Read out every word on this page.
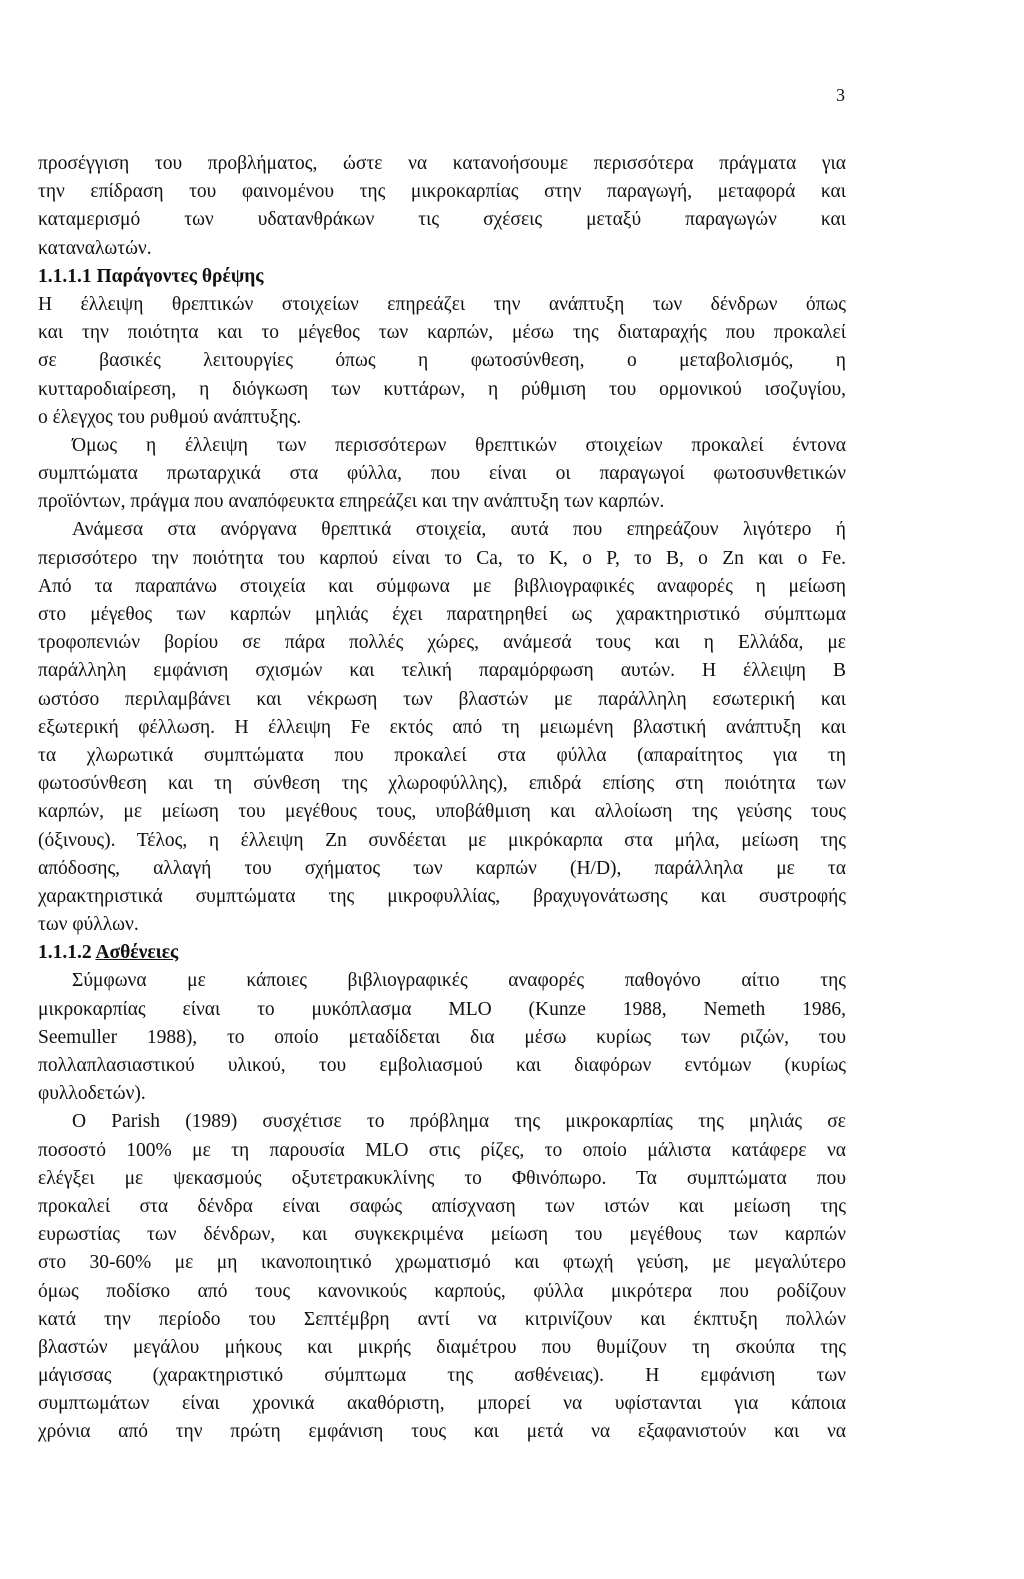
3
προσέγγιση του προβλήματος, ώστε να κατανοήσουμε περισσότερα πράγματα για
την επίδραση του φαινομένου της μικροκαρπίας στην παραγωγή, μεταφορά και
καταμερισμό των υδατανθράκων τις σχέσεις μεταξύ παραγωγών και
καταναλωτών.
1.1.1.1 Παράγοντες θρέψης
Η έλλειψη θρεπτικών στοιχείων επηρεάζει την ανάπτυξη των δένδρων όπως
και την ποιότητα και το μέγεθος των καρπών, μέσω της διαταραχής που προκαλεί
σε βασικές λειτουργίες όπως η φωτοσύνθεση, ο μεταβολισμός, η
κυτταροδιαίρεση, η διόγκωση των κυττάρων, η ρύθμιση του ορμονικού ισοζυγίου,
ο έλεγχος του ρυθμού ανάπτυξης.
Όμως η έλλειψη των περισσότερων θρεπτικών στοιχείων προκαλεί έντονα
συμπτώματα πρωταρχικά στα φύλλα, που είναι οι παραγωγοί φωτοσυνθετικών
προϊόντων, πράγμα που αναπόφευκτα επηρεάζει και την ανάπτυξη των καρπών.
Ανάμεσα στα ανόργανα θρεπτικά στοιχεία, αυτά που επηρεάζουν λιγότερο ή
περισσότερο την ποιότητα του καρπού είναι το Ca, το K, ο P, το B, ο Zn και ο Fe.
Από τα παραπάνω στοιχεία και σύμφωνα με βιβλιογραφικές αναφορές η μείωση
στο μέγεθος των καρπών μηλιάς έχει παρατηρηθεί ως χαρακτηριστικό σύμπτωμα
τροφοπενιών βορίου σε πάρα πολλές χώρες, ανάμεσά τους και η Ελλάδα, με
παράλληλη εμφάνιση σχισμών και τελική παραμόρφωση αυτών. Η έλλειψη Β
ωστόσο περιλαμβάνει και νέκρωση των βλαστών με παράλληλη εσωτερική και
εξωτερική φέλλωση. Η έλλειψη Fe εκτός από τη μειωμένη βλαστική ανάπτυξη και
τα χλωρωτικά συμπτώματα που προκαλεί στα φύλλα (απαραίτητος για τη
φωτοσύνθεση και τη σύνθεση της χλωροφύλλης), επιδρά επίσης στη ποιότητα των
καρπών, με μείωση του μεγέθους τους, υποβάθμιση και αλλοίωση της γεύσης τους
(όξινους). Τέλος, η έλλειψη Zn συνδέεται με μικρόκαρπα στα μήλα, μείωση της
απόδοσης, αλλαγή του σχήματος των καρπών (H/D), παράλληλα με τα
χαρακτηριστικά συμπτώματα της μικροφυλλίας, βραχυγονάτωσης και συστροφής
των φύλλων.
1.1.1.2 Ασθένειες
Σύμφωνα με κάποιες βιβλιογραφικές αναφορές παθογόνο αίτιο της
μικροκαρπίας είναι το μυκόπλασμα MLO (Kunze 1988, Nemeth 1986,
Seemuller 1988), το οποίο μεταδίδεται δια μέσω κυρίως των ριζών, του
πολλαπλασιαστικού υλικού, του εμβολιασμού και διαφόρων εντόμων (κυρίως
φυλλοδετών).
Ο Parish (1989) συσχέτισε το πρόβλημα της μικροκαρπίας της μηλιάς σε
ποσοστό 100% με τη παρουσία MLO στις ρίζες, το οποίο μάλιστα κατάφερε να
ελέγξει με ψεκασμούς οξυτετρακυκλίνης το Φθινόπωρο. Τα συμπτώματα που
προκαλεί στα δένδρα είναι σαφώς απίσχναση των ιστών και μείωση της
ευρωστίας των δένδρων, και συγκεκριμένα μείωση του μεγέθους των καρπών
στο 30-60% με μη ικανοποιητικό χρωματισμό και φτωχή γεύση, με μεγαλύτερο
όμως ποδίσκο από τους κανονικούς καρπούς, φύλλα μικρότερα που ροδίζουν
κατά την περίοδο του Σεπτέμβρη αντί να κιτρινίζουν και έκπτυξη πολλών
βλαστών μεγάλου μήκους και μικρής διαμέτρου που θυμίζουν τη σκούπα της
μάγισσας (χαρακτηριστικό σύμπτωμα της ασθένειας). Η εμφάνιση των
συμπτωμάτων είναι χρονικά ακαθόριστη, μπορεί να υφίστανται για κάποια
χρόνια από την πρώτη εμφάνιση τους και μετά να εξαφανιστούν και να
